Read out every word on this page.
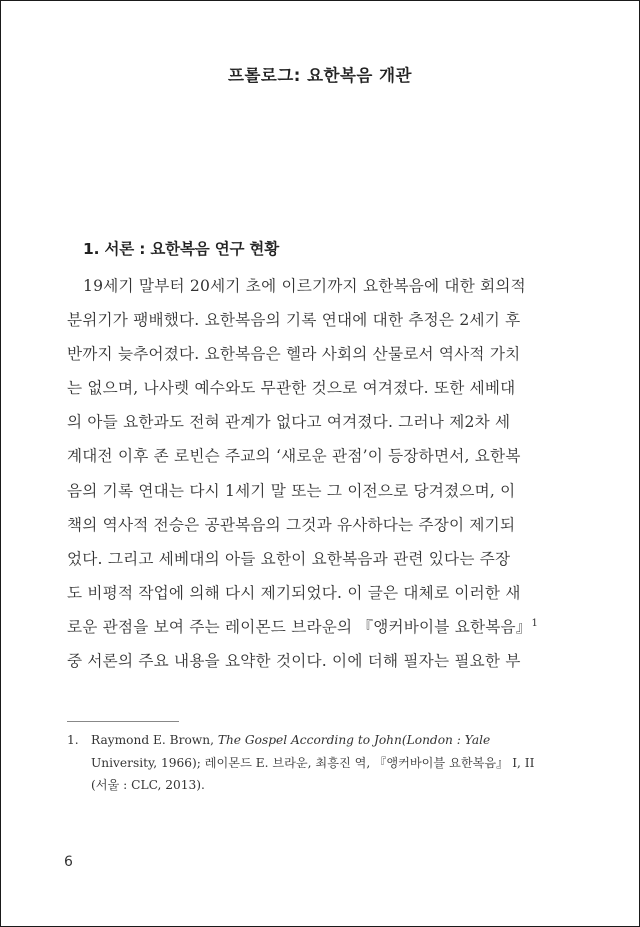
프롤로그: 요한복음 개관
1. 서론 : 요한복음 연구 현황
19세기 말부터 20세기 초에 이르기까지 요한복음에 대한 회의적
분위기가 팽배했다. 요한복음의 기록 연대에 대한 추정은 2세기 후
반까지 늦추어졌다. 요한복음은 헬라 사회의 산물로서 역사적 가치
는 없으며, 나사렛 예수와도 무관한 것으로 여겨졌다. 또한 세베대
의 아들 요한과도 전혀 관계가 없다고 여겨졌다. 그러나 제2차 세
계대전 이후 존 로빈슨 주교의 ‘새로운 관점’이 등장하면서, 요한복
음의 기록 연대는 다시 1세기 말 또는 그 이전으로 당겨졌으며, 이
책의 역사적 전승은 공관복음의 그것과 유사하다는 주장이 제기되
었다. 그리고 세베대의 아들 요한이 요한복음과 관련 있다는 주장
도 비평적 작업에 의해 다시 제기되었다. 이 글은 대체로 이러한 새
로운 관점을 보여 주는 레이몬드 브라운의 『앵커바이블 요한복음』$^1$
중 서론의 주요 내용을 요약한 것이다. 이에 더해 필자는 필요한 부
1. Raymond E. Brown, The Gospel According to John(London : Yale
University, 1966); 레이몬드 E. 브라운, 최흥진 역, 『앵커바이블 요한복음』 I, II
(서울 : CLC, 2013).
6
